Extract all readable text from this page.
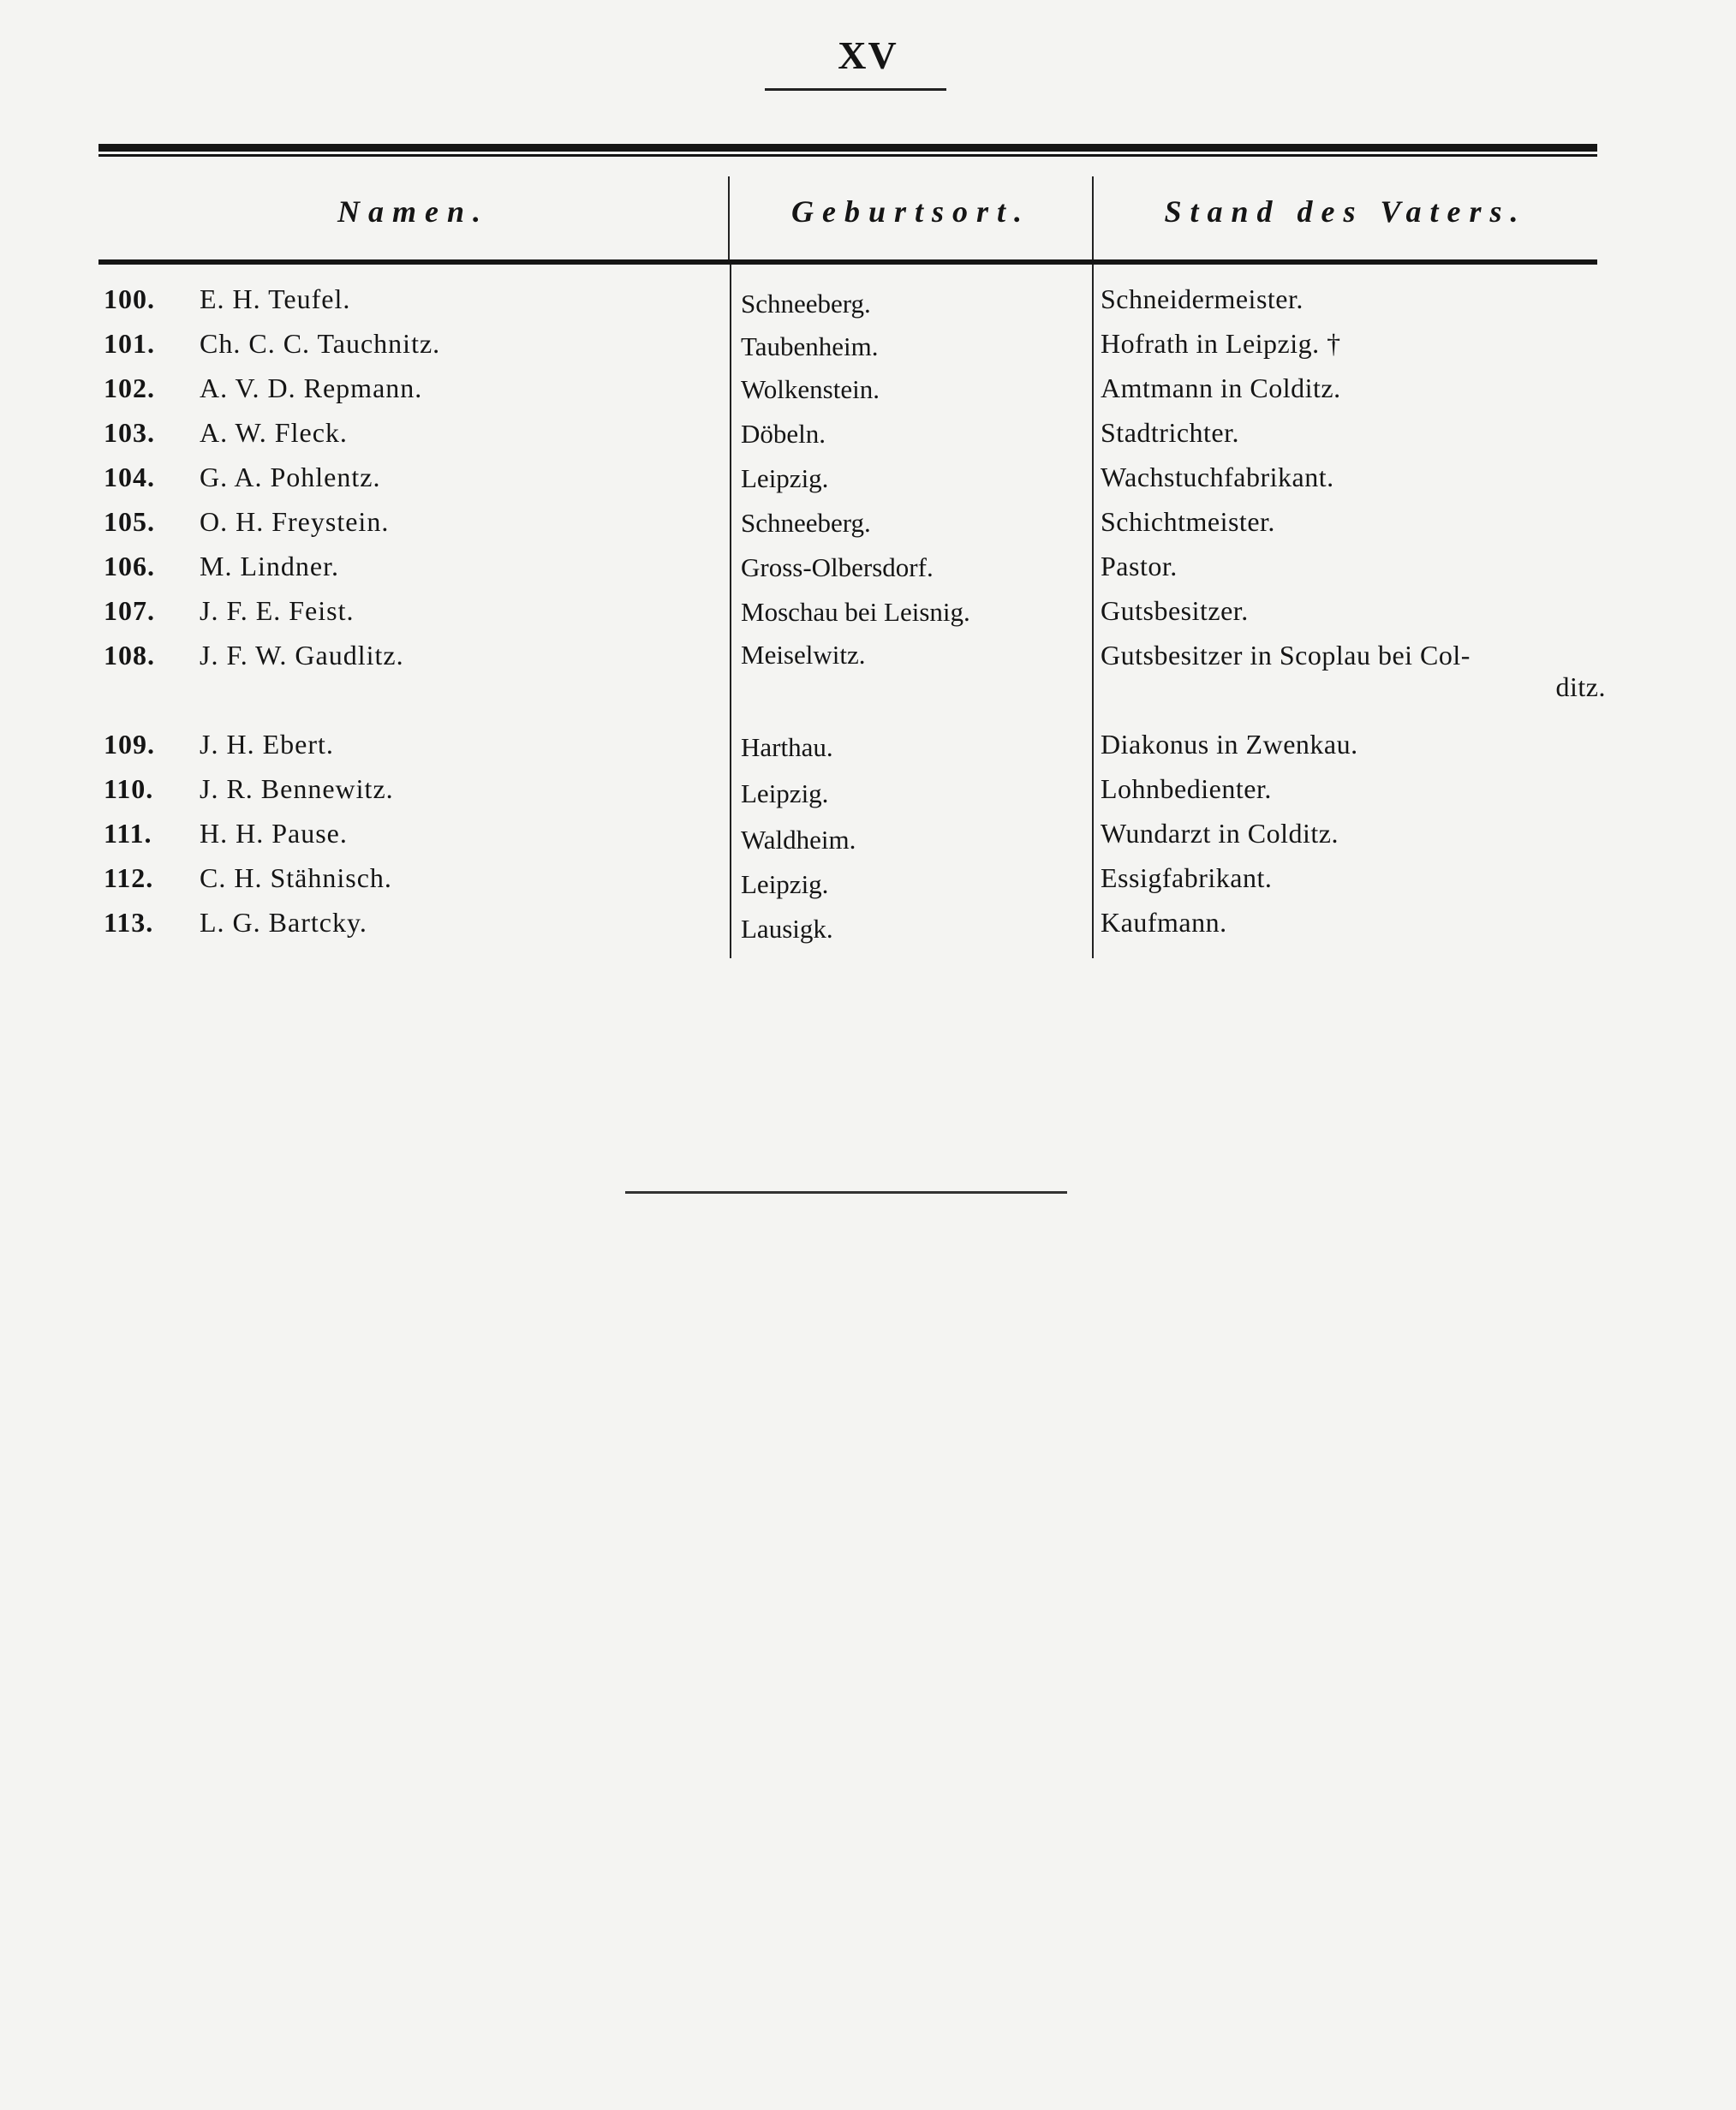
XV
Namen.	Geburtsort.	Stand des Vaters.
100.	E. H. Teufel.	Schneeberg.	Schneidermeister.
101.	Ch. C. C. Tauchnitz.	Taubenheim.	Hofrath in Leipzig. †
102.	A. V. D. Repmann.	Wolkenstein.	Amtmann in Colditz.
103.	A. W. Fleck.	Döbeln.	Stadtrichter.
104.	G. A. Pohlentz.	Leipzig.	Wachstuchfabrikant.
105.	O. H. Freystein.	Schneeberg.	Schichtmeister.
106.	M. Lindner.	Gross-Olbersdorf.	Pastor.
107.	J. F. E. Feist.	Moschau bei Leisnig.	Gutsbesitzer.
108.	J. F. W. Gaudlitz.	Meiselwitz.	Gutsbesitzer in Scoplau bei Col-
ditz.
109.	J. H. Ebert.	Harthau.	Diakonus in Zwenkau.
110.	J. R. Bennewitz.	Leipzig.	Lohnbedienter.
111.	H. H. Pause.	Waldheim.	Wundarzt in Colditz.
112.	C. H. Stähnisch.	Leipzig.	Essigfabrikant.
113.	L. G. Bartcky.	Lausigk.	Kaufmann.
